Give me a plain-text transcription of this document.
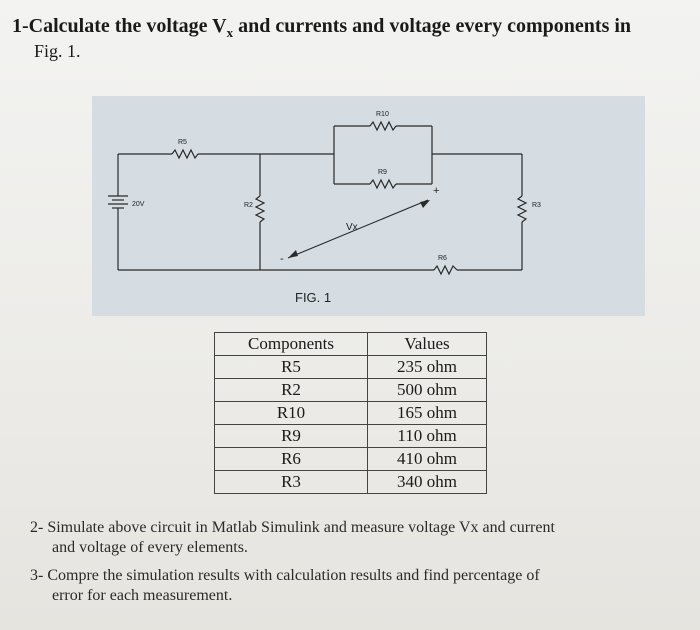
1-Calculate the voltage $V_x$ and currents and voltage every components in
Fig. 1.
20V
R5
R2
R10
R9
R3
R6
Vx
+
-
FIG. 1
Components	Values
R5	235 ohm
R2	500 ohm
R10	165 ohm
R9	110 ohm
R6	410 ohm
R3	340 ohm
2- Simulate above circuit in Matlab Simulink and measure voltage Vx and current
and voltage of every elements.
3- Compre the simulation results with calculation results and find percentage of
error for each measurement.
